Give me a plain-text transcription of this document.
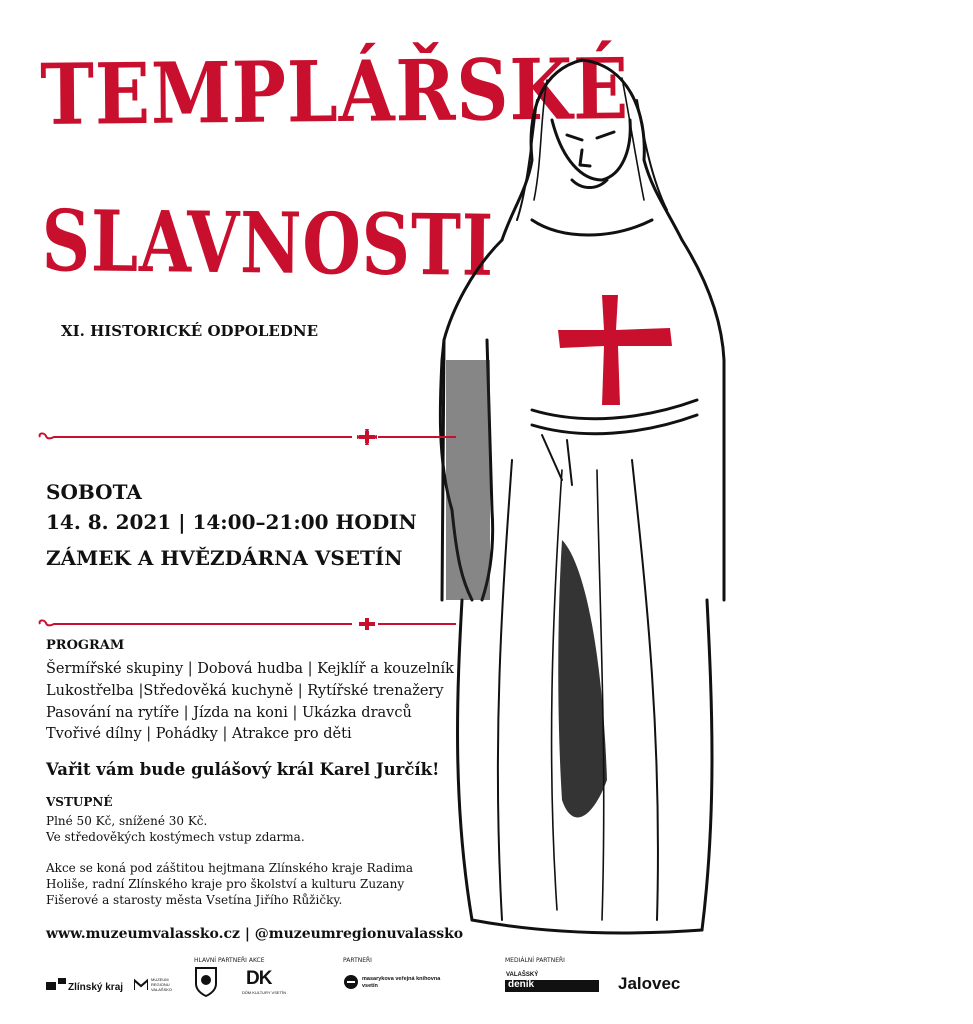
TEMPLÁŘSKÉ
SLAVNOSTI
XI. HISTORICKÉ ODPOLEDNE
SOBOTA
14. 8. 2021 | 14:00–21:00 HODIN
ZÁMEK A HVĚZDÁRNA VSETÍN
PROGRAM
Šermířské skupiny | Dobová hudba | Kejklíř a kouzelník
Lukostřelba |Středověká kuchyně | Rytířské trenažery
Pasování na rytíře | Jízda na koni | Ukázka dravců
Tvořivé dílny | Pohádky | Atrakce pro děti
Vařit vám bude gulášový král Karel Jurčík!
VSTUPNÉ
Plné 50 Kč, snížené 30 Kč.
Ve středověkých kostýmech vstup zdarma.
Akce se koná pod záštitou hejtmana Zlínského kraje Radima
Holiše, radní Zlínského kraje pro školství a kulturu Zuzany
Fišerové a starosty města Vsetína Jiřího Růžičky.
www.muzeumvalassko.cz | @muzeumregionuvalassko
HLAVNÍ PARTNEŘI AKCE	PARTNEŘI	MEDIÁLNÍ PARTNEŘI
Zlínský kraj
MUZEUM
REGIONU
VALAŠSKO
DK
DŮM KULTURY VSETÍN
masarykova veřejná knihovna
vsetín
VALAŠSKÝ
deník	Jalovec
